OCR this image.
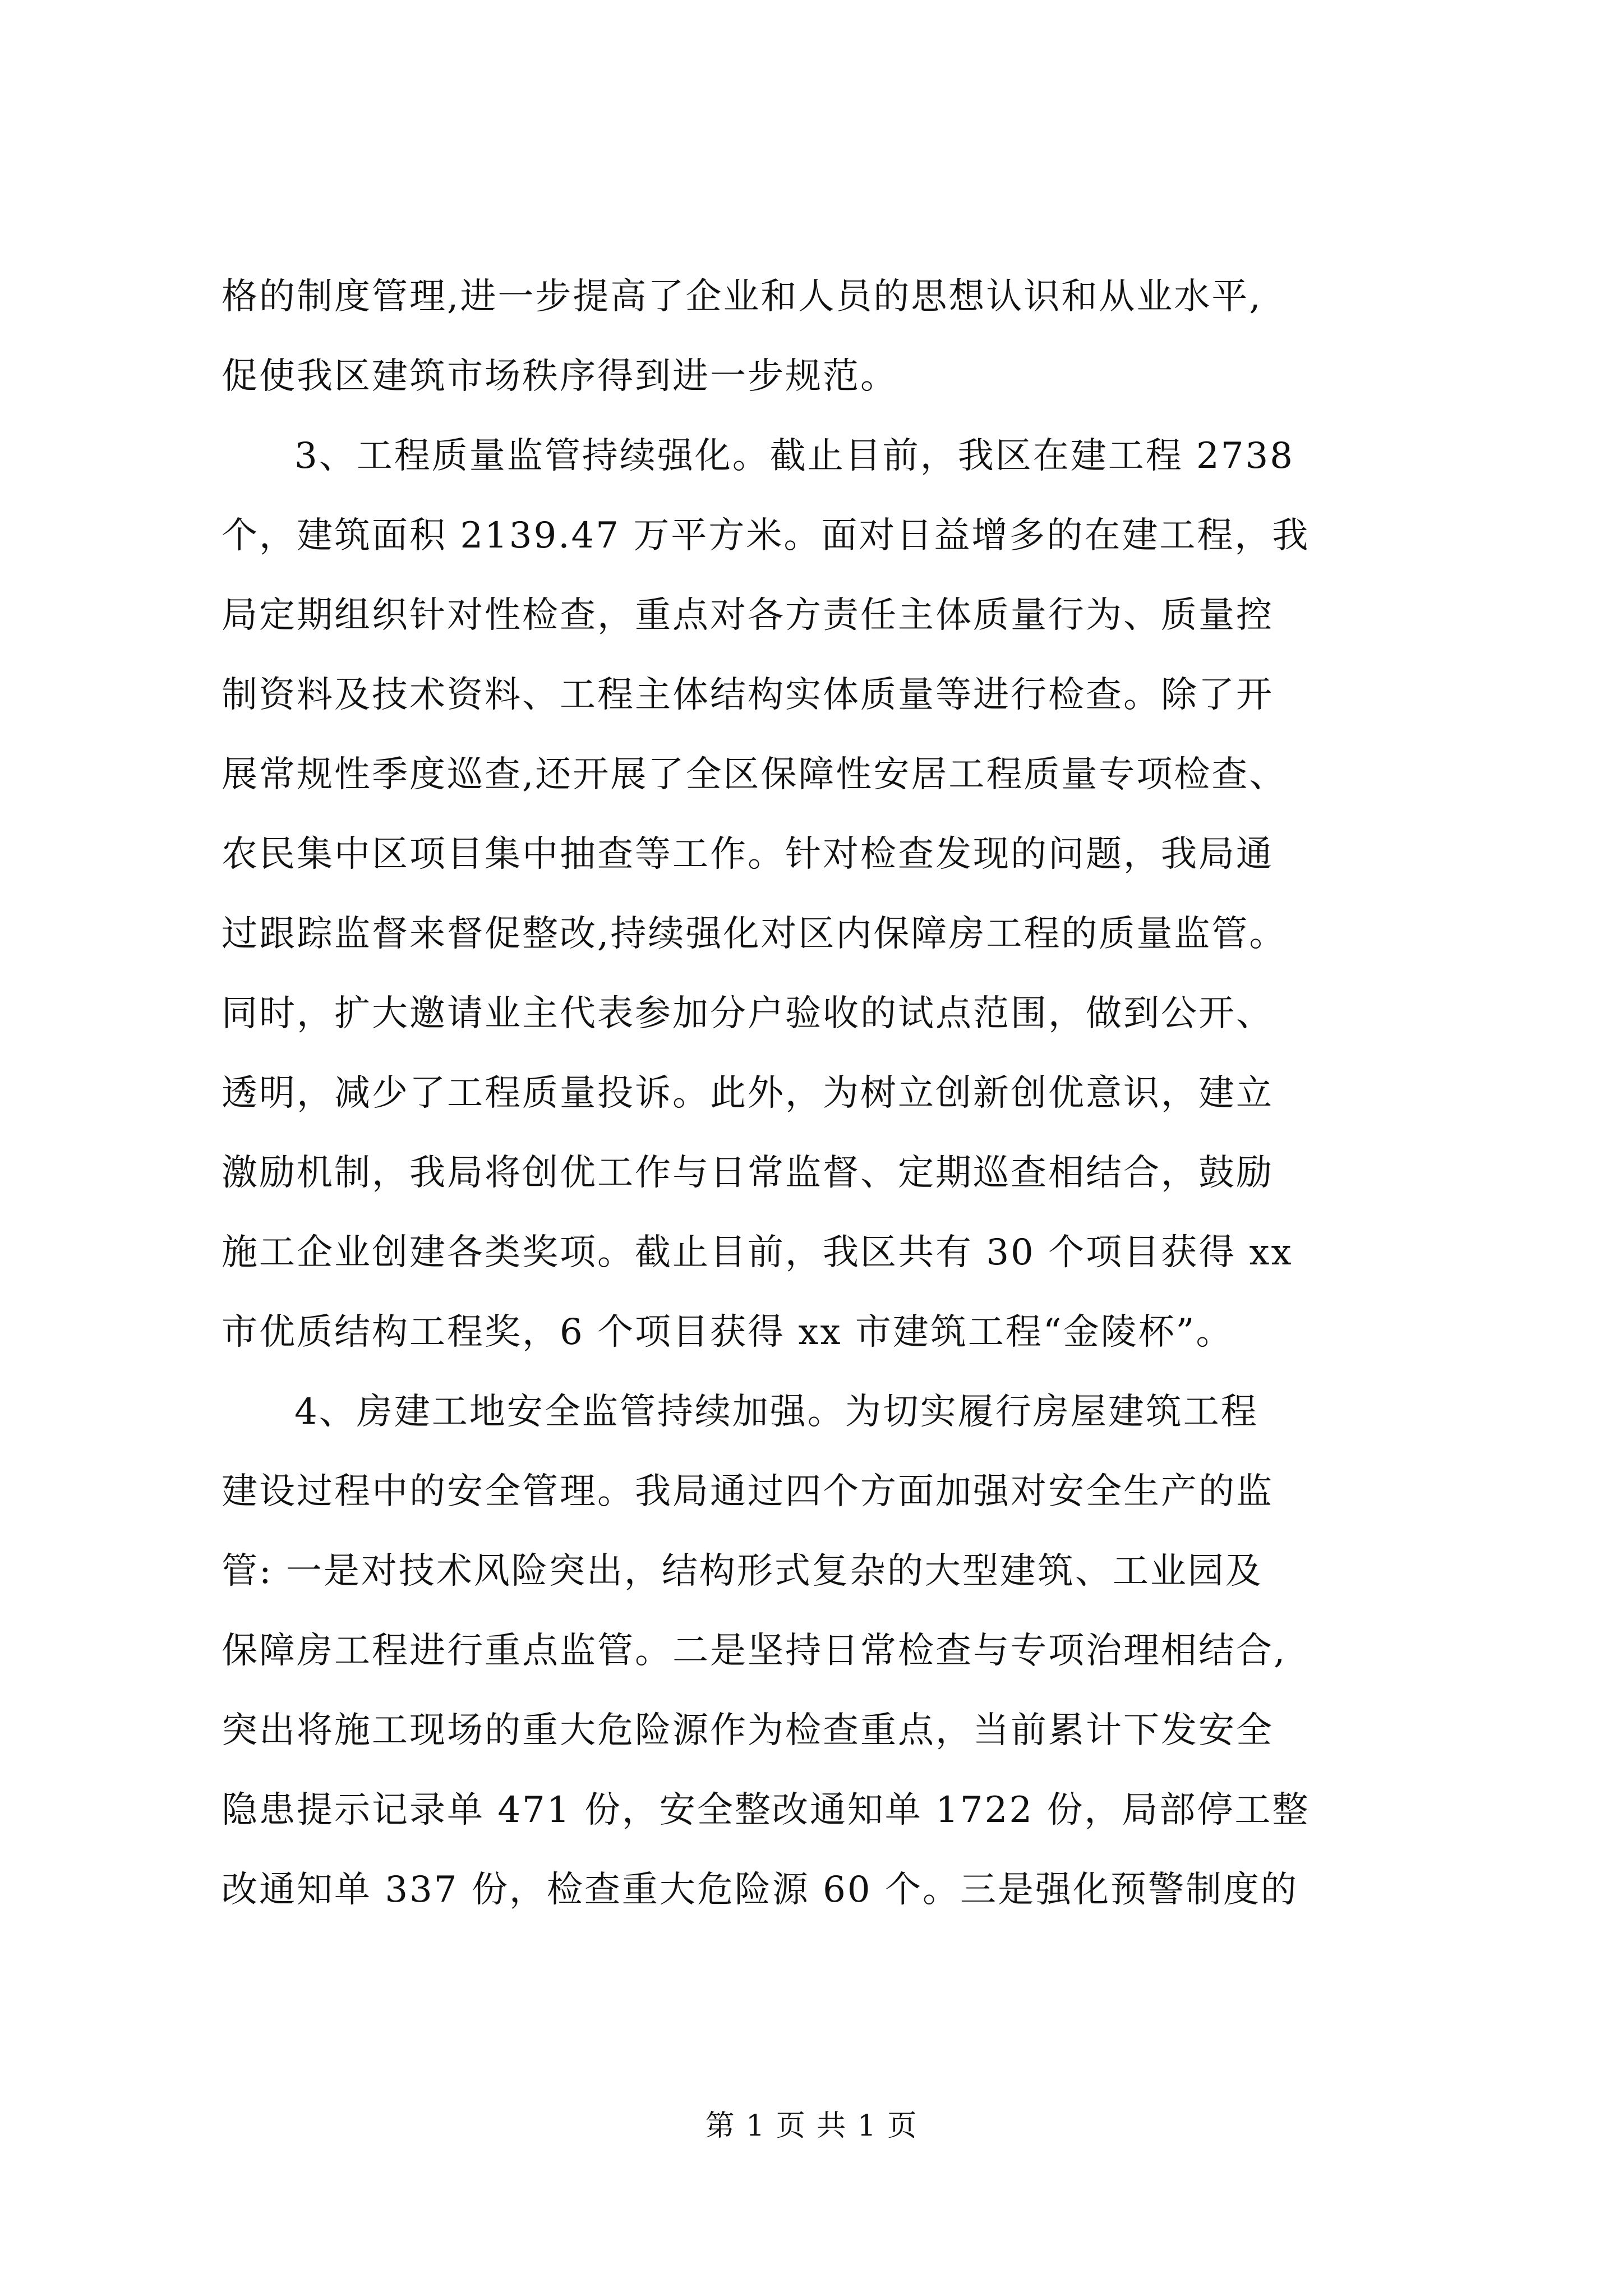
格的制度管理,进一步提高了企业和人员的思想认识和从业水平,
促使我区建筑市场秩序得到进一步规范。
3、工程质量监管持续强化。截止目前，我区在建工程 2738
个，建筑面积 2139.47 万平方米。面对日益增多的在建工程，我
局定期组织针对性检查，重点对各方责任主体质量行为、质量控
制资料及技术资料、工程主体结构实体质量等进行检查。除了开
展常规性季度巡查,还开展了全区保障性安居工程质量专项检查、
农民集中区项目集中抽查等工作。针对检查发现的问题，我局通
过跟踪监督来督促整改,持续强化对区内保障房工程的质量监管。
同时，扩大邀请业主代表参加分户验收的试点范围，做到公开、
透明，减少了工程质量投诉。此外，为树立创新创优意识，建立
激励机制，我局将创优工作与日常监督、定期巡查相结合，鼓励
施工企业创建各类奖项。截止目前，我区共有 30 个项目获得 xx
市优质结构工程奖，6 个项目获得 xx 市建筑工程“金陵杯”。
4、房建工地安全监管持续加强。为切实履行房屋建筑工程
建设过程中的安全管理。我局通过四个方面加强对安全生产的监
管: 一是对技术风险突出，结构形式复杂的大型建筑、工业园及
保障房工程进行重点监管。二是坚持日常检查与专项治理相结合,
突出将施工现场的重大危险源作为检查重点，当前累计下发安全
隐患提示记录单 471 份，安全整改通知单 1722 份，局部停工整
改通知单 337 份，检查重大危险源 60 个。三是强化预警制度的
第 1 页 共 1 页
